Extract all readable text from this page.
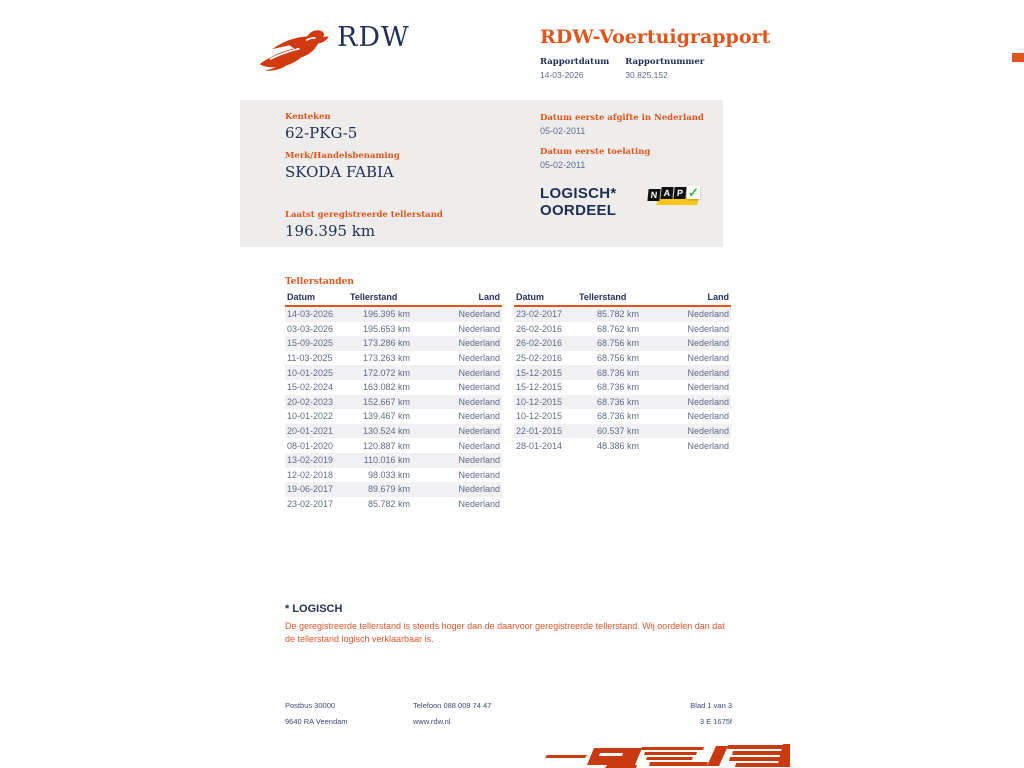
RDW	RDW-Voertuigrapport
Rapportdatum
14-03-2026
Rapportnummer
30.825.152
Kenteken
62-PKG-5
Merk/Handelsbenaming
SKODA FABIA
Laatst geregistreerde tellerstand
196.395 km
Datum eerste afgifte in Nederland
05-02-2011
Datum eerste toelating
05-02-2011
LOGISCH*
OORDEEL
N A P ✓
Tellerstanden
Datum	Tellerstand	Land
14-03-2026	196.395 km	Nederland
03-03-2026	195.653 km	Nederland
15-09-2025	173.286 km	Nederland
11-03-2025	173.263 km	Nederland
10-01-2025	172.072 km	Nederland
15-02-2024	163.082 km	Nederland
20-02-2023	152.667 km	Nederland
10-01-2022	139.467 km	Nederland
20-01-2021	130.524 km	Nederland
08-01-2020	120.887 km	Nederland
13-02-2019	110.016 km	Nederland
12-02-2018	98.033 km	Nederland
19-06-2017	89.679 km	Nederland
23-02-2017	85.782 km	Nederland
Datum	Tellerstand	Land
23-02-2017	85.782 km	Nederland
26-02-2016	68.762 km	Nederland
26-02-2016	68.756 km	Nederland
25-02-2016	68.756 km	Nederland
15-12-2015	68.736 km	Nederland
15-12-2015	68.736 km	Nederland
10-12-2015	68.736 km	Nederland
10-12-2015	68.736 km	Nederland
22-01-2015	60.537 km	Nederland
28-01-2014	48.386 km	Nederland
* LOGISCH
De geregistreerde tellerstand is steeds hoger dan de daarvoor geregistreerde tellerstand. Wij oordelen dan dat de tellerstand logisch verklaarbaar is.
Postbus 30000
9640 RA Veendam
Telefoon 088 008 74 47
www.rdw.nl
Blad 1 van 3
3 E 1675f
